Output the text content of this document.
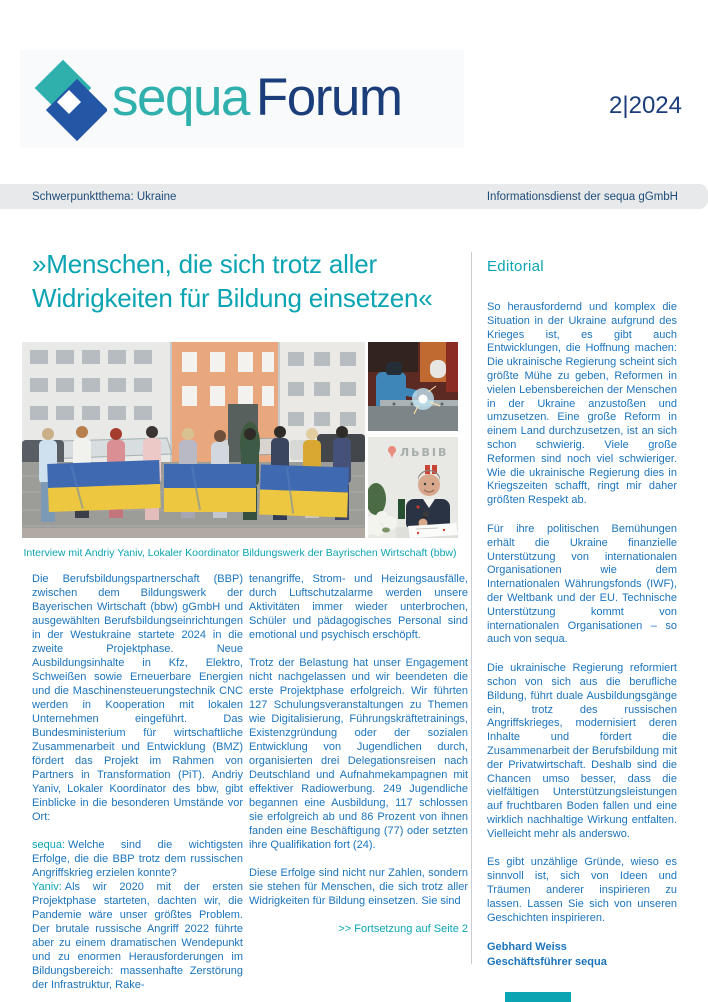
sequa Forum	2|2024
Schwerpunktthema: Ukraine	Informationsdienst der sequa gGmbH
»Menschen, die sich trotz aller Widrigkeiten für Bildung einsetzen«
ЛЬВІВ
Interview mit Andriy Yaniv, Lokaler Koordinator Bildungswerk der Bayrischen Wirtschaft (bbw)

Die Berufsbildungspartnerschaft (BBP) zwischen dem Bildungswerk der Bayerischen Wirtschaft (bbw) gGmbH und ausgewählten Berufsbildungseinrichtungen in der Westukraine startete 2024 in die zweite Projektphase. Neue Ausbildungsinhalte in Kfz, Elektro, Schweißen sowie Erneuerbare Energien und die Maschinensteuerungstechnik CNC werden in Kooperation mit lokalen Unternehmen eingeführt. Das Bundesministerium für wirtschaftliche Zusammenarbeit und Entwicklung (BMZ) fördert das Projekt im Rahmen von Partners in Transformation (PiT). Andriy Yaniv, Lokaler Koordinator des bbw, gibt Einblicke in die besonderen Umstände vor Ort:

sequa: Welche sind die wichtigsten Erfolge, die die BBP trotz dem russischen Angriffskrieg erzielen konnte?

Yaniv: Als wir 2020 mit der ersten Projektphase starteten, dachten wir, die Pandemie wäre unser größtes Problem. Der brutale russische Angriff 2022 führte aber zu einem dramatischen Wendepunkt und zu enormen Herausforderungen im Bildungsbereich: massenhafte Zerstörung der Infrastruktur, Rake-

tenangriffe, Strom- und Heizungsausfälle, durch Luftschutzalarme werden unsere Aktivitäten immer wieder unterbrochen, Schüler und pädagogisches Personal sind emotional und psychisch erschöpft.

Trotz der Belastung hat unser Engagement nicht nachgelassen und wir beendeten die erste Projektphase erfolgreich. Wir führten 127 Schulungsveranstaltungen zu Themen wie Digitalisierung, Führungskräftetrainings, Existenzgründung oder der sozialen Entwicklung von Jugendlichen durch, organisierten drei Delegationsreisen nach Deutschland und Aufnahmekampagnen mit effektiver Radiowerbung. 249 Jugendliche begannen eine Ausbildung, 117 schlossen sie erfolgreich ab und 86 Prozent von ihnen fanden eine Beschäftigung (77) oder setzten ihre Qualifikation fort (24).

Diese Erfolge sind nicht nur Zahlen, sondern sie stehen für Menschen, die sich trotz aller Widrigkeiten für Bildung einsetzen. Sie sind

>> Fortsetzung auf Seite 2

Editorial

So herausfordernd und komplex die Situation in der Ukraine aufgrund des Krieges ist, es gibt auch Entwicklungen, die Hoffnung machen: Die ukrainische Regierung scheint sich größte Mühe zu geben, Reformen in vielen Lebensbereichen der Menschen in der Ukraine anzustoßen und umzusetzen. Eine große Reform in einem Land durchzusetzen, ist an sich schon schwierig. Viele große Reformen sind noch viel schwieriger. Wie die ukrainische Regierung dies in Kriegszeiten schafft, ringt mir daher größten Respekt ab.

Für ihre politischen Bemühungen erhält die Ukraine finanzielle Unterstützung von internationalen Organisationen wie dem Internationalen Währungsfonds (IWF), der Weltbank und der EU. Technische Unterstützung kommt von internationalen Organisationen – so auch von sequa.

Die ukrainische Regierung reformiert schon von sich aus die berufliche Bildung, führt duale Ausbildungsgänge ein, trotz des russischen Angriffskrieges, modernisiert deren Inhalte und fördert die Zusammenarbeit der Berufsbildung mit der Privatwirtschaft. Deshalb sind die Chancen umso besser, dass die vielfältigen Unterstützungsleistungen auf fruchtbaren Boden fallen und eine wirklich nachhaltige Wirkung entfalten. Vielleicht mehr als anderswo.

Es gibt unzählige Gründe, wieso es sinnvoll ist, sich von Ideen und Träumen anderer inspirieren zu lassen. Lassen Sie sich von unseren Geschichten inspirieren.

Gebhard Weiss
Geschäftsführer sequa
